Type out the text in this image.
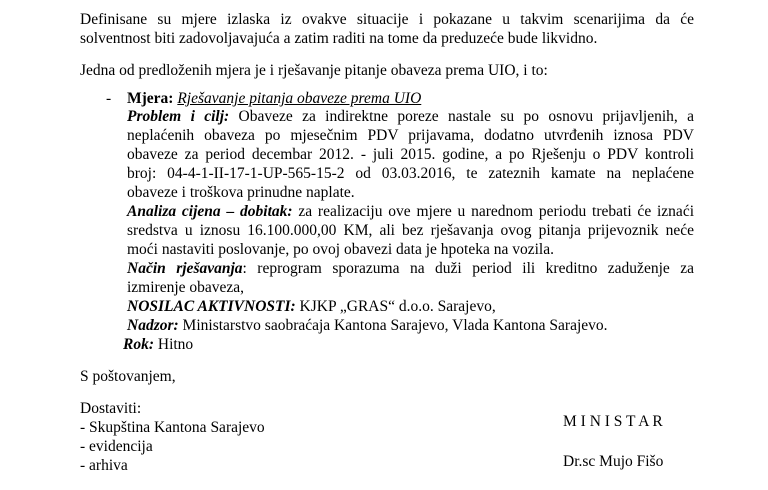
Definisane su mjere izlaska iz ovakve situacije i pokazane u takvim scenarijima da će
solventnost biti zadovoljavajuća a zatim raditi na tome da preduzeće bude likvidno.
Jedna od predloženih mjera je i rješavanje pitanje obaveza prema UIO, i to:
- Mjera: Rješavanje pitanja obaveze prema UIO
Problem i cilj: Obaveze za indirektne poreze nastale su po osnovu prijavljenih, a
neplaćenih obaveza po mjesečnim PDV prijavama, dodatno utvrđenih iznosa PDV
obaveze za period decembar 2012. - juli 2015. godine, a po Rješenju o PDV kontroli
broj: 04-4-1-II-17-1-UP-565-15-2 od 03.03.2016, te zateznih kamate na neplaćene
obaveze i troškova prinudne naplate.
Analiza cijena – dobitak: za realizaciju ove mjere u narednom periodu trebati će iznaći
sredstva u iznosu 16.100.000,00 KM, ali bez rješavanja ovog pitanja prijevoznik neće
moći nastaviti poslovanje, po ovoj obavezi data je hpoteka na vozila.
Način rješavanja: reprogram sporazuma na duži period ili kreditno zaduženje za
izmirenje obaveza,
NOSILAC AKTIVNOSTI: KJKP „GRAS“ d.o.o. Sarajevo,
Nadzor: Ministarstvo saobraćaja Kantona Sarajevo, Vlada Kantona Sarajevo.
Rok: Hitno
S poštovanjem,
Dostaviti:
- Skupština Kantona Sarajevo
- evidencija
- arhiva
M I N I S T A R
Dr.sc Mujo Fišo
